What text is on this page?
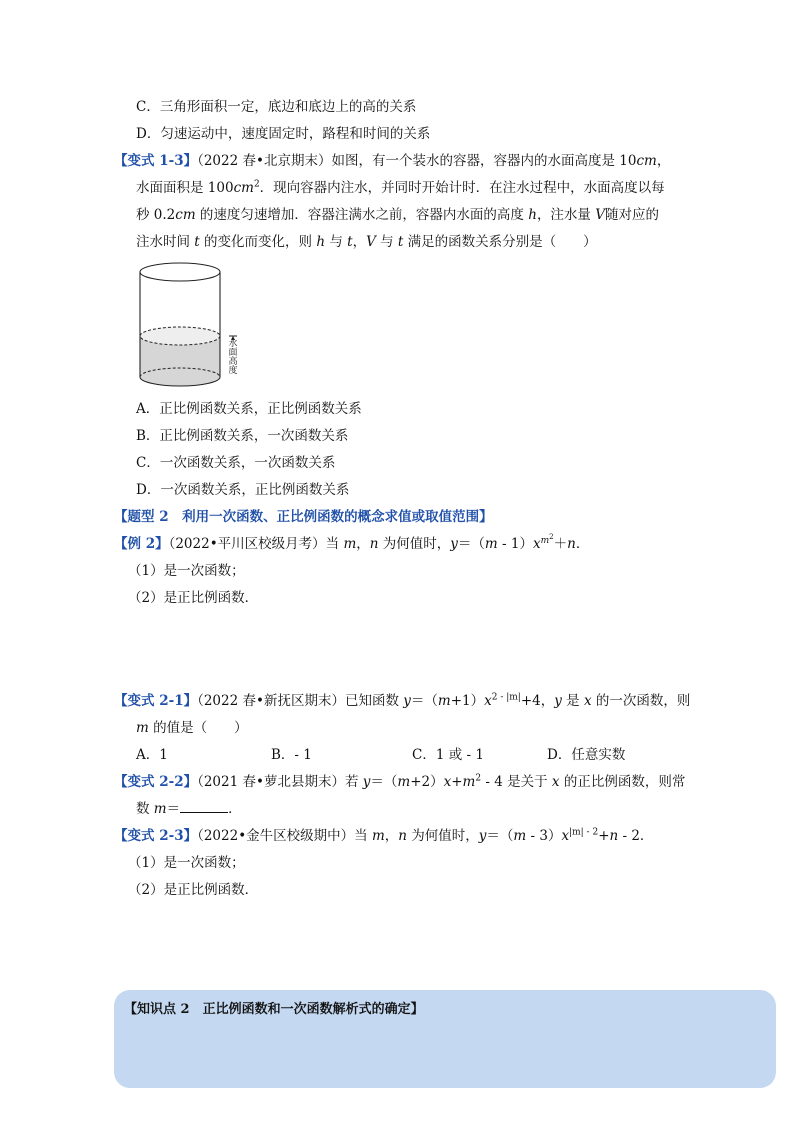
C．三角形面积一定，底边和底边上的高的关系
D．匀速运动中，速度固定时，路程和时间的关系
【变式 1-3】（2022 春•北京期末）如图，有一个装水的容器，容器内的水面高度是 10cm，
水面面积是 $100cm^2$．现向容器内注水，并同时开始计时．在注水过程中，水面高度以每
秒 0.2cm 的速度匀速增加．容器注满水之前，容器内水面的高度 h，注水量 V随对应的
注水时间 t 的变化而变化，则 h 与 t，V 与 t 满足的函数关系分别是（　　）
水面高度
A．正比例函数关系，正比例函数关系
B．正比例函数关系，一次函数关系
C．一次函数关系，一次函数关系
D．一次函数关系，正比例函数关系
【题型 2　利用一次函数、正比例函数的概念求值或取值范围】
【例 2】（2022•平川区校级月考）当 m，n 为何值时，$y=(m - 1)x^{m^2}+n$．
（1）是一次函数；
（2）是正比例函数．
【变式 2-1】（2022 春•新抚区期末）已知函数 $y=(m+1)x^{2 - |m|}+4$，y 是 x 的一次函数，则
m 的值是（　　）
A．1	B．- 1	C．1 或 - 1	D．任意实数
【变式 2-2】（2021 春•萝北县期末）若 $y=(m+2)x+m^2 - 4$ 是关于 x 的正比例函数，则常
数 m＝	．
【变式 2-3】（2022•金牛区校级期中）当 m，n 为何值时，$y=(m - 3)x^{|m| - 2}+n - 2$．
（1）是一次函数；
（2）是正比例函数．
【知识点 2　正比例函数和一次函数解析式的确定】
